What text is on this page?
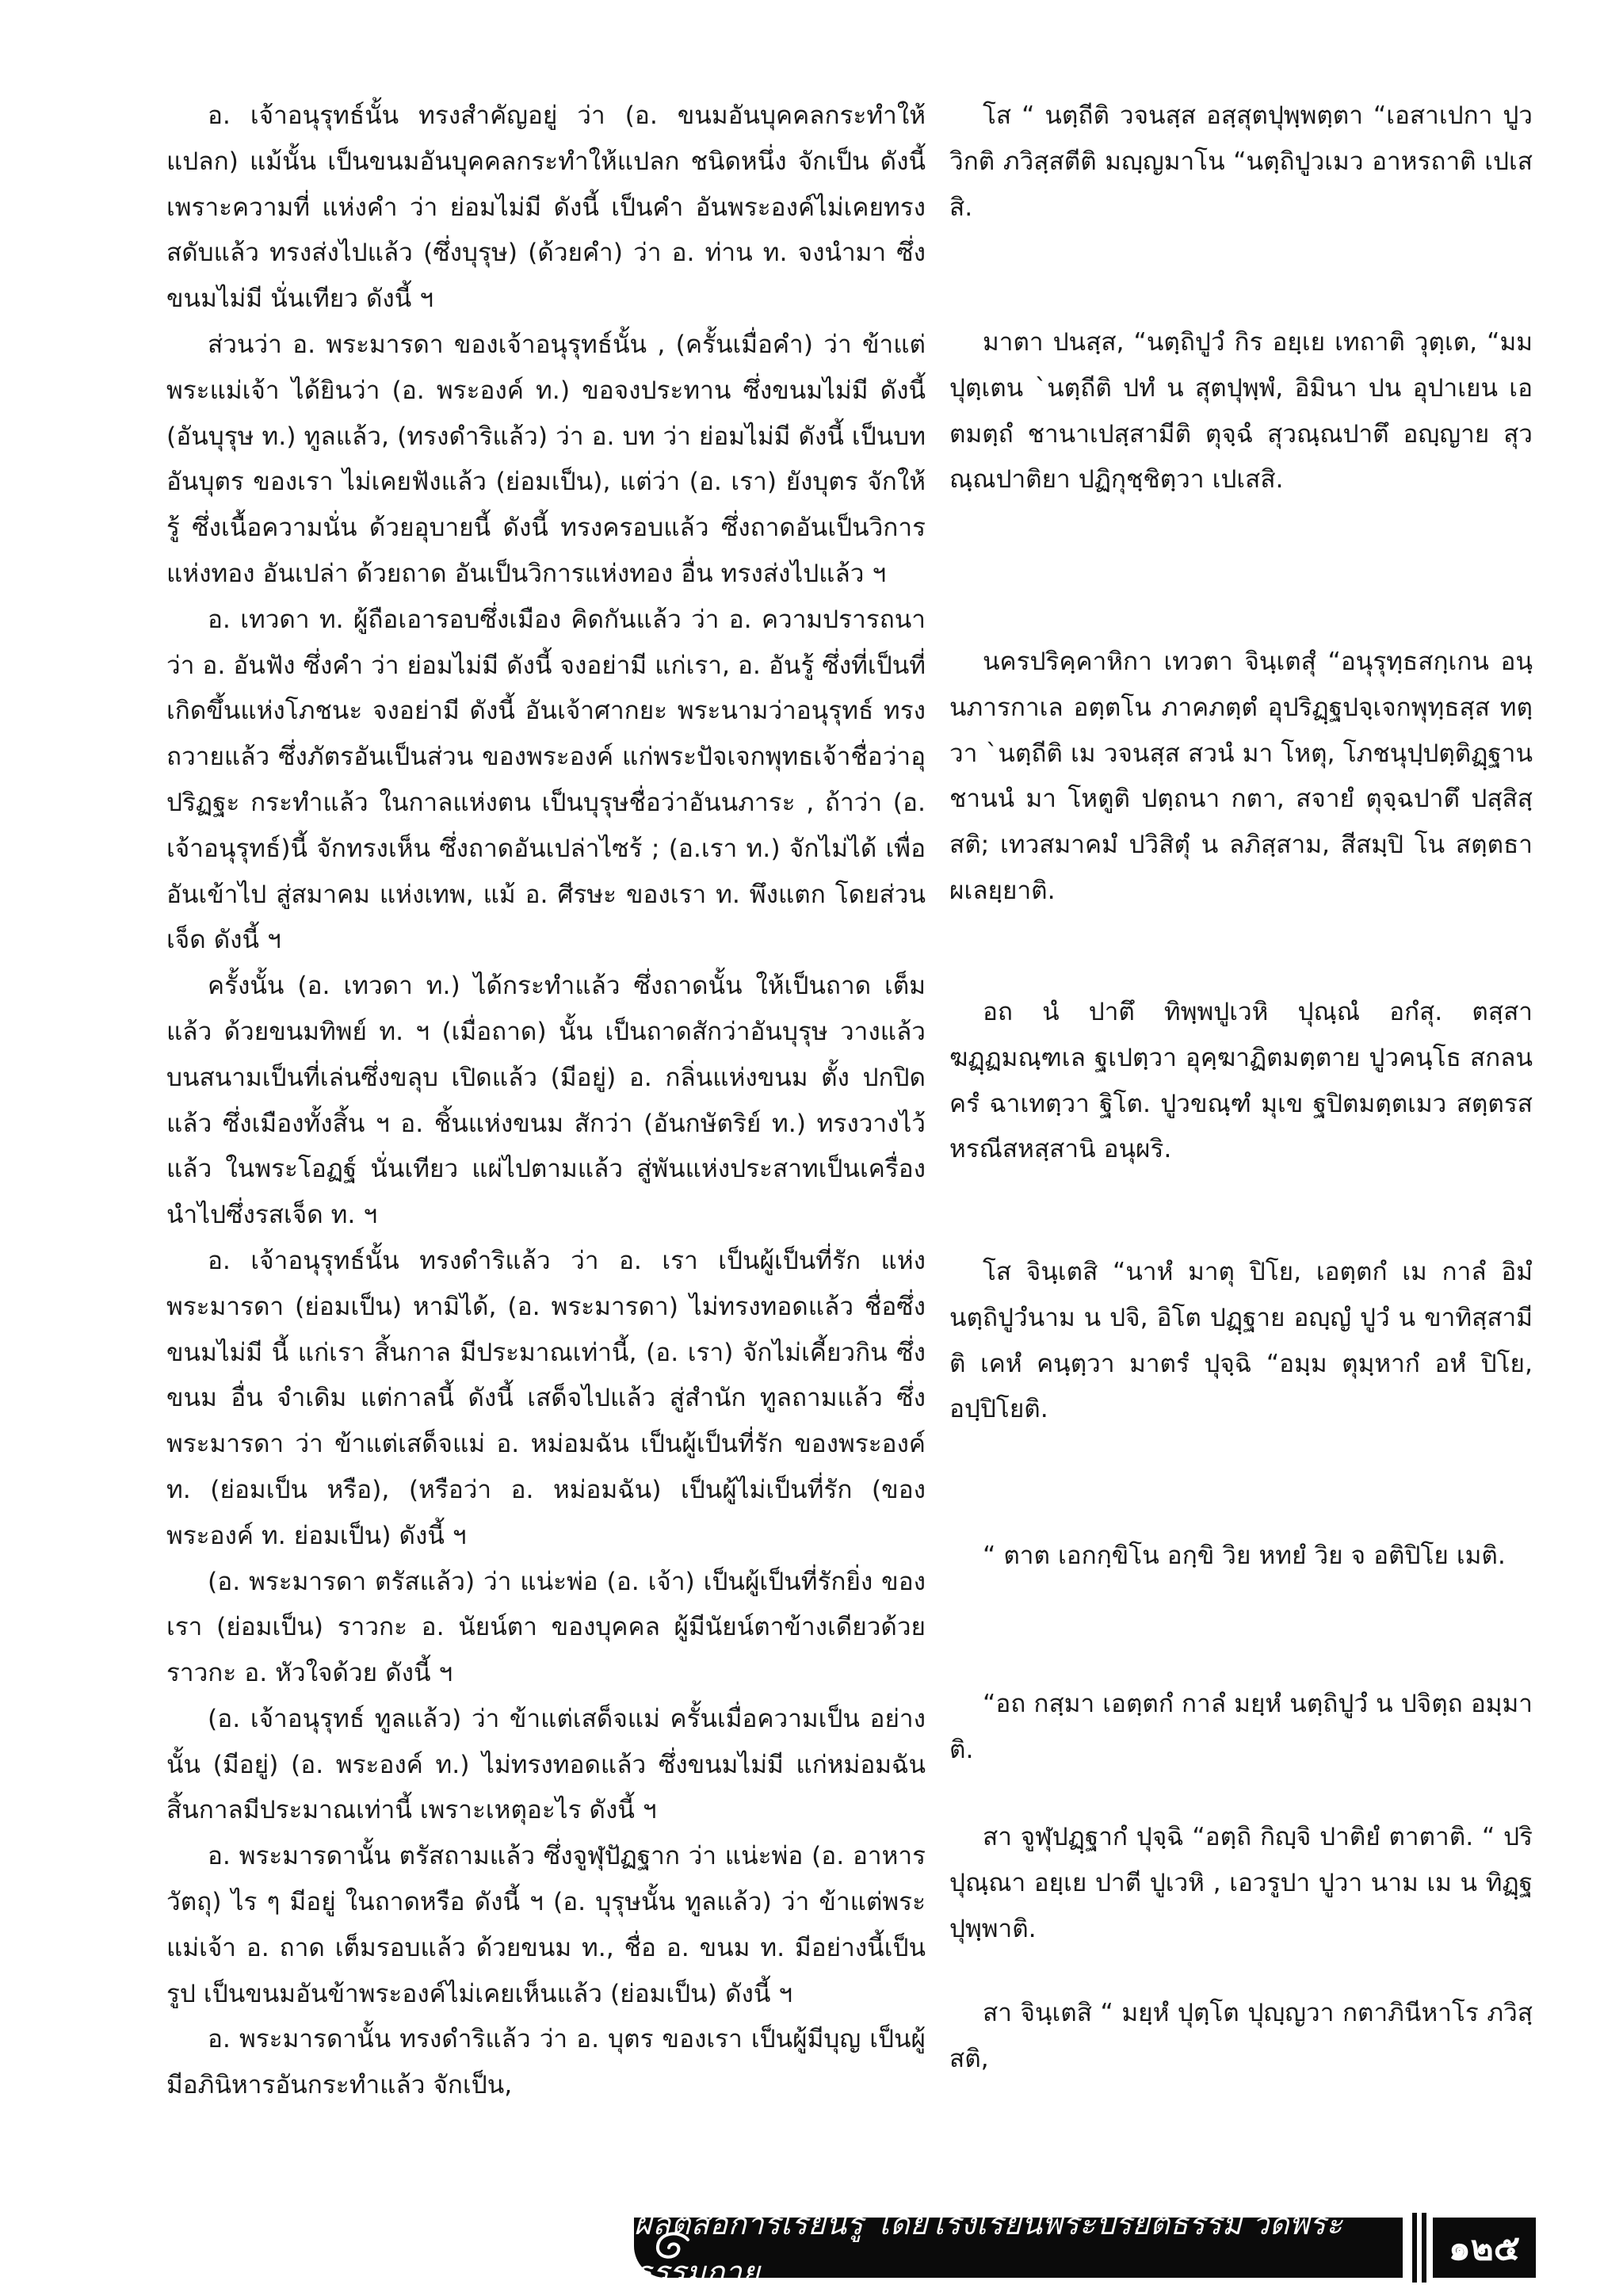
อ. เจ้าอนุรุทธ์นั้น ทรงสำคัญอยู่ ว่า (อ. ขนมอันบุคคลกระทำให้แปลก) แม้นั้น เป็นขนมอันบุคคลกระทำให้แปลก ชนิดหนึ่ง จักเป็น ดังนี้ เพราะความที่ แห่งคำ ว่า ย่อมไม่มี ดังนี้ เป็นคำ อันพระองค์ไม่เคยทรงสดับแล้ว ทรงส่งไปแล้ว (ซึ่งบุรุษ) (ด้วยคำ) ว่า อ. ท่าน ท. จงนำมา ซึ่งขนมไม่มี นั่นเทียว ดังนี้ ฯ

ส่วนว่า อ. พระมารดา ของเจ้าอนุรุทธ์นั้น , (ครั้นเมื่อคำ) ว่า ข้าแต่พระแม่เจ้า ได้ยินว่า (อ. พระองค์ ท.) ขอจงประทาน ซึ่งขนมไม่มี ดังนี้ (อันบุรุษ ท.) ทูลแล้ว, (ทรงดำริแล้ว) ว่า อ. บท ว่า ย่อมไม่มี ดังนี้ เป็นบทอันบุตร ของเรา ไม่เคยฟังแล้ว (ย่อมเป็น), แต่ว่า (อ. เรา) ยังบุตร จักให้รู้ ซึ่งเนื้อความนั่น ด้วยอุบายนี้ ดังนี้ ทรงครอบแล้ว ซึ่งถาดอันเป็นวิการแห่งทอง อันเปล่า ด้วยถาด อันเป็นวิการแห่งทอง อื่น ทรงส่งไปแล้ว ฯ

อ. เทวดา ท. ผู้ถือเอารอบซึ่งเมือง คิดกันแล้ว ว่า อ. ความปรารถนา ว่า อ. อันฟัง ซึ่งคำ ว่า ย่อมไม่มี ดังนี้ จงอย่ามี แก่เรา, อ. อันรู้ ซึ่งที่เป็นที่เกิดขึ้นแห่งโภชนะ จงอย่ามี ดังนี้ อันเจ้าศากยะ พระนามว่าอนุรุทธ์ ทรงถวายแล้ว ซึ่งภัตรอันเป็นส่วน ของพระองค์ แก่พระปัจเจกพุทธเจ้าชื่อว่าอุปริฏฐะ กระทำแล้ว ในกาลแห่งตน เป็นบุรุษชื่อว่าอันนภาระ , ถ้าว่า (อ. เจ้าอนุรุทธ์)นี้ จักทรงเห็น ซึ่งถาดอันเปล่าไซร้ ; (อ.เรา ท.) จักไม่ได้ เพื่ออันเข้าไป สู่สมาคม แห่งเทพ, แม้ อ. ศีรษะ ของเรา ท. พึงแตก โดยส่วนเจ็ด ดังนี้ ฯ

ครั้งนั้น (อ. เทวดา ท.) ได้กระทำแล้ว ซึ่งถาดนั้น ให้เป็นถาด เต็มแล้ว ด้วยขนมทิพย์ ท. ฯ (เมื่อถาด) นั้น เป็นถาดสักว่าอันบุรุษ วางแล้ว บนสนามเป็นที่เล่นซึ่งขลุบ เปิดแล้ว (มีอยู่) อ. กลิ่นแห่งขนม ตั้ง ปกปิดแล้ว ซึ่งเมืองทั้งสิ้น ฯ อ. ชิ้นแห่งขนม สักว่า (อันกษัตริย์ ท.) ทรงวางไว้แล้ว ในพระโอฏฐ์ นั่นเทียว แผ่ไปตามแล้ว สู่พันแห่งประสาทเป็นเครื่องนำไปซึ่งรสเจ็ด ท. ฯ

อ. เจ้าอนุรุทธ์นั้น ทรงดำริแล้ว ว่า อ. เรา เป็นผู้เป็นที่รัก แห่งพระมารดา (ย่อมเป็น) หามิได้, (อ. พระมารดา) ไม่ทรงทอดแล้ว ชื่อซึ่งขนมไม่มี นี้ แก่เรา สิ้นกาล มีประมาณเท่านี้, (อ. เรา) จักไม่เคี้ยวกิน ซึ่งขนม อื่น จำเดิม แต่กาลนี้ ดังนี้ เสด็จไปแล้ว สู่สำนัก ทูลถามแล้ว ซึ่งพระมารดา ว่า ข้าแต่เสด็จแม่ อ. หม่อมฉัน เป็นผู้เป็นที่รัก ของพระองค์ ท. (ย่อมเป็น หรือ), (หรือว่า อ. หม่อมฉัน) เป็นผู้ไม่เป็นที่รัก (ของพระองค์ ท. ย่อมเป็น) ดังนี้ ฯ

(อ. พระมารดา ตรัสแล้ว) ว่า แน่ะพ่อ (อ. เจ้า) เป็นผู้เป็นที่รักยิ่ง ของเรา (ย่อมเป็น) ราวกะ อ. นัยน์ตา ของบุคคล ผู้มีนัยน์ตาข้างเดียวด้วย ราวกะ อ. หัวใจด้วย ดังนี้ ฯ

(อ. เจ้าอนุรุทธ์ ทูลแล้ว) ว่า ข้าแต่เสด็จแม่ ครั้นเมื่อความเป็น อย่างนั้น (มีอยู่) (อ. พระองค์ ท.) ไม่ทรงทอดแล้ว ซึ่งขนมไม่มี แก่หม่อมฉัน สิ้นกาลมีประมาณเท่านี้ เพราะเหตุอะไร ดังนี้ ฯ

อ. พระมารดานั้น ตรัสถามแล้ว ซึ่งจูฬุปัฏฐาก ว่า แน่ะพ่อ (อ. อาหารวัตถุ) ไร ๆ มีอยู่ ในถาดหรือ ดังนี้ ฯ (อ. บุรุษนั้น ทูลแล้ว) ว่า ข้าแต่พระแม่เจ้า อ. ถาด เต็มรอบแล้ว ด้วยขนม ท., ชื่อ อ. ขนม ท. มีอย่างนี้เป็นรูป เป็นขนมอันข้าพระองค์ไม่เคยเห็นแล้ว (ย่อมเป็น) ดังนี้ ฯ

อ. พระมารดานั้น ทรงดำริแล้ว ว่า อ. บุตร ของเรา เป็นผู้มีบุญ เป็นผู้มีอภินิหารอันกระทำแล้ว จักเป็น,

โส “ นตฺถีติ วจนสฺส อสฺสุตปุพฺพตฺตา “เอสาเปกา ปูววิกติ ภวิสฺสตีติ มญฺญมาโน “นตฺถิปูวเมว อาหรถาติ เปเสสิ.

มาตา ปนสฺส, “นตฺถิปูวํ กิร อยฺเย เทถาติ วุตฺเต, “มม ปุตฺเตน `นตฺถีติ ปทํ น สุตปุพฺพํ, อิมินา ปน อุปาเยน เอตมตฺถํ ชานาเปสฺสามีติ ตุจฺฉํ สุวณฺณปาตึ อญฺญาย สุวณฺณปาติยา ปฏิกุชฺชิตฺวา เปเสสิ.

นครปริคฺคาหิกา เทวตา จินฺเตสุํ “อนุรุทฺธสกฺเกน อนฺนภารกาเล อตฺตโน ภาคภตฺตํ อุปริฏฺฐปจฺเจกพุทฺธสฺส ทตฺวา `นตฺถีติ เม วจนสฺส สวนํ มา โหตุ, โภชนุปฺปตฺติฏฺฐานชานนํ มา โหตูติ ปตฺถนา กตา, สจายํ ตุจฺฉปาตึ ปสฺสิสฺสติ; เทวสมาคมํ ปวิสิตุํ น ลภิสฺสาม, สีสมฺปิ โน สตฺตธา ผเลยฺยาติ.

อถ นํ ปาตึ ทิพฺพปูเวหิ ปุณฺณํ อกํสุ. ตสฺสา ฆฏฺฏมณฺฑเล ฐเปตฺวา อุคฺฆาฏิตมตฺตาย ปูวคนฺโธ สกลนครํ ฉาเทตฺวา ฐิโต. ปูวขณฺฑํ มุเข ฐปิตมตฺตเมว สตฺตรสหรณีสหสฺสานิ อนุผริ.

โส จินฺเตสิ “นาหํ มาตุ ปิโย, เอตฺตกํ เม กาลํ อิมํ นตฺถิปูวํนาม น ปจิ, อิโต ปฏฺฐาย อญฺญํ ปูวํ น ขาทิสฺสามีติ เคหํ คนฺตฺวา มาตรํ ปุจฺฉิ “อมฺม ตุมฺหากํ อหํ ปิโย, อปฺปิโยติ.

“ ตาต เอกกฺขิโน อกฺขิ วิย หทยํ วิย จ อติปิโย เมติ.

“อถ กสฺมา เอตฺตกํ กาลํ มยฺหํ นตฺถิปูวํ น ปจิตฺถ อมฺมาติ.

สา จูฬุปฏฺฐากํ ปุจฺฉิ “อตฺถิ กิญฺจิ ปาติยํ ตาตาติ. “ ปริปุณฺณา อยฺเย ปาตี ปูเวหิ , เอวรูปา ปูวา นาม เม น ทิฏฺฐปุพฺพาติ.

สา จินฺเตสิ “ มยฺหํ ปุตฺโต ปุญฺญวา กตาภินีหาโร ภวิสฺสติ,

ผลิตสื่อการเรียนรู้ โดยโรงเรียนพระปริยัติธรรม วัดพระธรรมกาย
๑๒๕
